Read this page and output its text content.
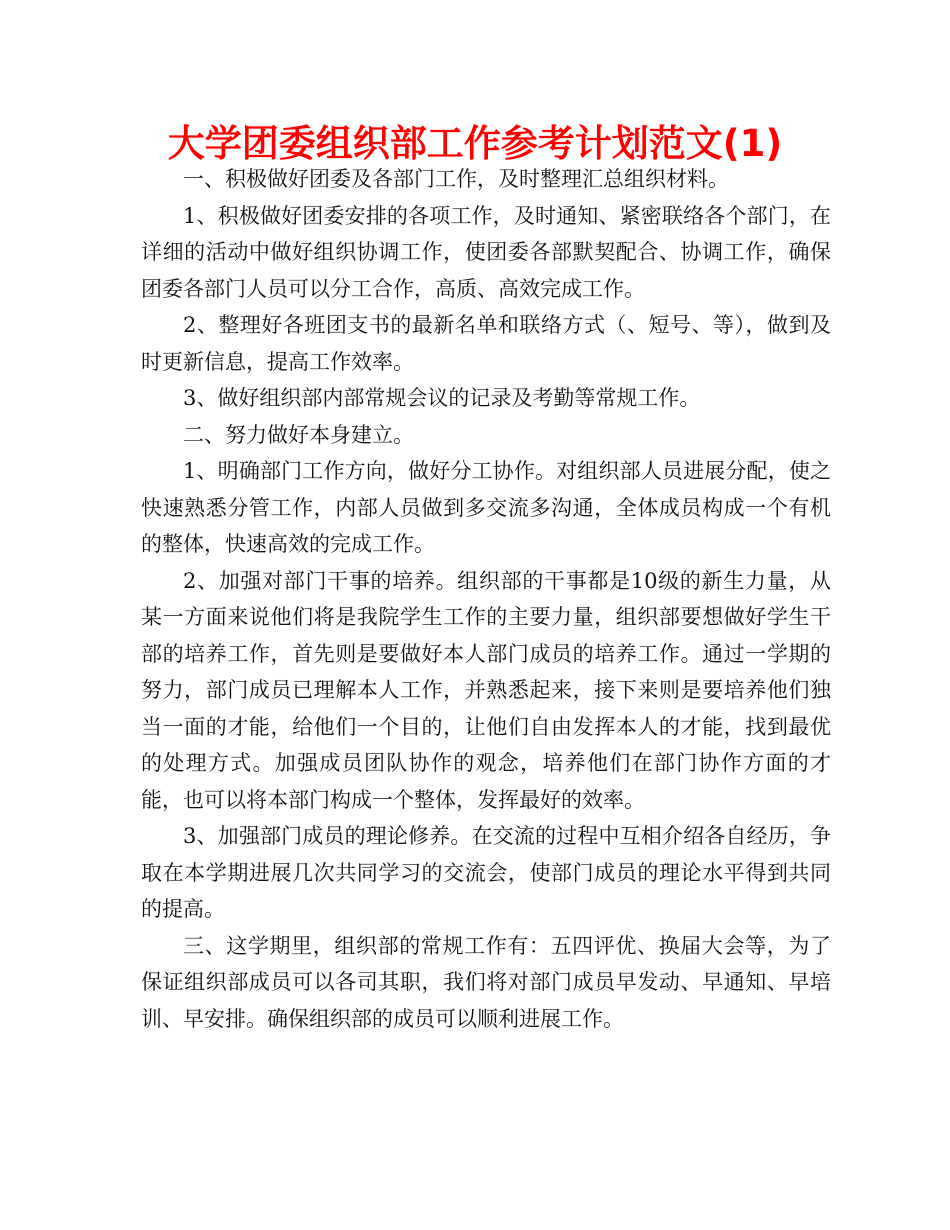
大学团委组织部工作参考计划范文(1)

一、积极做好团委及各部门工作，及时整理汇总组织材料。

1、积极做好团委安排的各项工作，及时通知、紧密联络各个部门，在详细的活动中做好组织协调工作，使团委各部默契配合、协调工作，确保团委各部门人员可以分工合作，高质、高效完成工作。

2、整理好各班团支书的最新名单和联络方式（、短号、等），做到及时更新信息，提高工作效率。

3、做好组织部内部常规会议的记录及考勤等常规工作。

二、努力做好本身建立。

1、明确部门工作方向，做好分工协作。对组织部人员进展分配，使之快速熟悉分管工作，内部人员做到多交流多沟通，全体成员构成一个有机的整体，快速高效的完成工作。

2、加强对部门干事的培养。组织部的干事都是10级的新生力量，从某一方面来说他们将是我院学生工作的主要力量，组织部要想做好学生干部的培养工作，首先则是要做好本人部门成员的培养工作。通过一学期的努力，部门成员已理解本人工作，并熟悉起来，接下来则是要培养他们独当一面的才能，给他们一个目的，让他们自由发挥本人的才能，找到最优的处理方式。加强成员团队协作的观念，培养他们在部门协作方面的才能，也可以将本部门构成一个整体，发挥最好的效率。

3、加强部门成员的理论修养。在交流的过程中互相介绍各自经历，争取在本学期进展几次共同学习的交流会，使部门成员的理论水平得到共同的提高。

三、这学期里，组织部的常规工作有：五四评优、换届大会等，为了保证组织部成员可以各司其职，我们将对部门成员早发动、早通知、早培训、早安排。确保组织部的成员可以顺利进展工作。
